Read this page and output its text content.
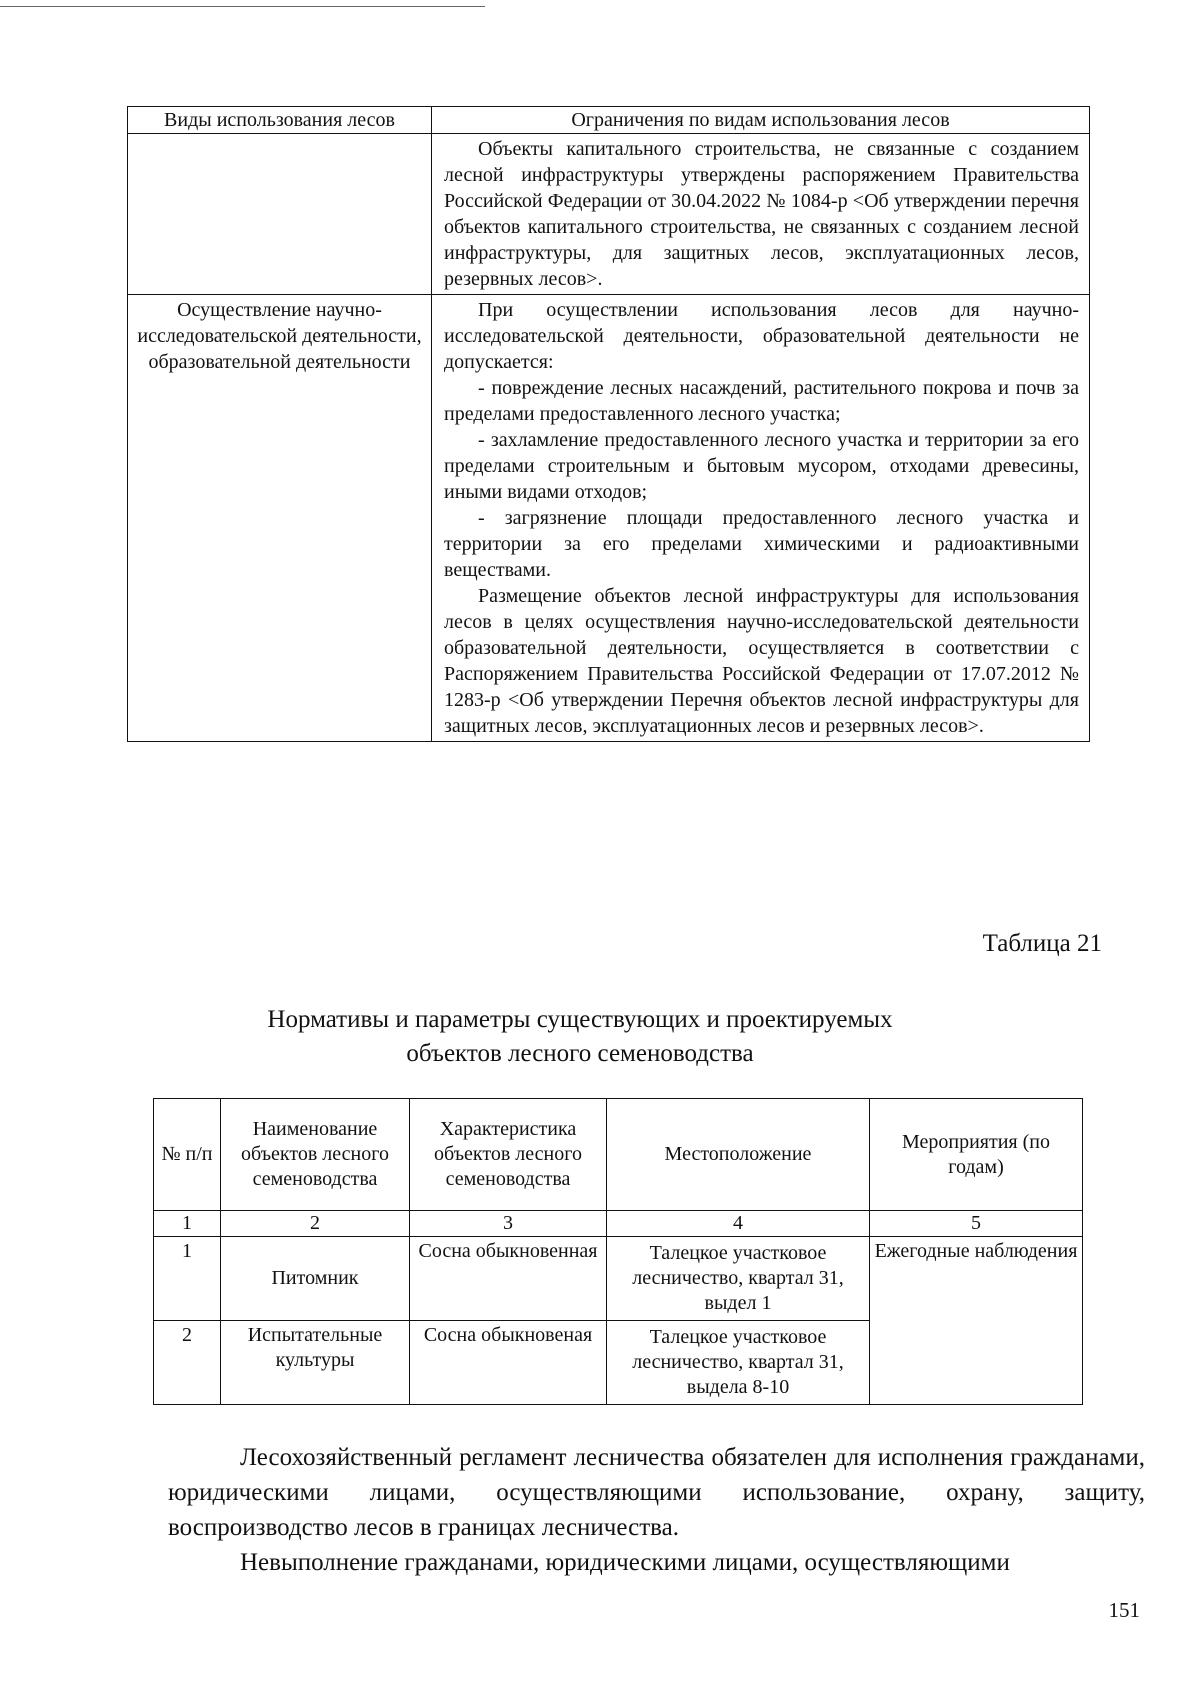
Виды использования лесов	Ограничения по видам использования лесов

	Объекты капитального строительства, не связанные с созданием лесной инфраструктуры утверждены распоряжением Правительства Российской Федерации от 30.04.2022 № 1084-р <Об утверждении перечня объектов капитального строительства, не связанных с созданием лесной инфраструктуры, для защитных лесов, эксплуатационных лесов, резервных лесов>.

Осуществление научно-исследовательской деятельности, образовательной деятельности	При осуществлении использования лесов для научно-исследовательской деятельности, образовательной деятельности не допускается:

- повреждение лесных насаждений, растительного покрова и почв за пределами предоставленного лесного участка;

- захламление предоставленного лесного участка и территории за его пределами строительным и бытовым мусором, отходами древесины, иными видами отходов;

- загрязнение площади предоставленного лесного участка и территории за его пределами химическими и радиоактивными веществами.

Размещение объектов лесной инфраструктуры для использования лесов в целях осуществления научно-исследовательской деятельности образовательной деятельности, осуществляется в соответствии с Распоряжением Правительства Российской Федерации от 17.07.2012 № 1283-р <Об утверждении Перечня объектов лесной инфраструктуры для защитных лесов, эксплуатационных лесов и резервных лесов>.

Таблица 21
Нормативы и параметры существующих и проектируемых
объектов лесного семеноводства
№ п/п	Наименование объектов лесного семеноводства	Характеристика объектов лесного семеноводства	Местоположение	Мероприятия (по годам)
1	2	3	4	5
1	Питомник	Сосна обыкновенная	Талецкое участковое лесничество, квартал 31, выдел 1	Ежегодные наблюдения
2	Испытательные культуры	Сосна обыкновеная	Талецкое участковое лесничество, квартал 31, выдела 8-10	

Лесохозяйственный регламент лесничества обязателен для исполнения гражданами, юридическими лицами, осуществляющими использование, охрану, защиту, воспроизводство лесов в границах лесничества.

Невыполнение гражданами, юридическими лицами, осуществляющими

151
